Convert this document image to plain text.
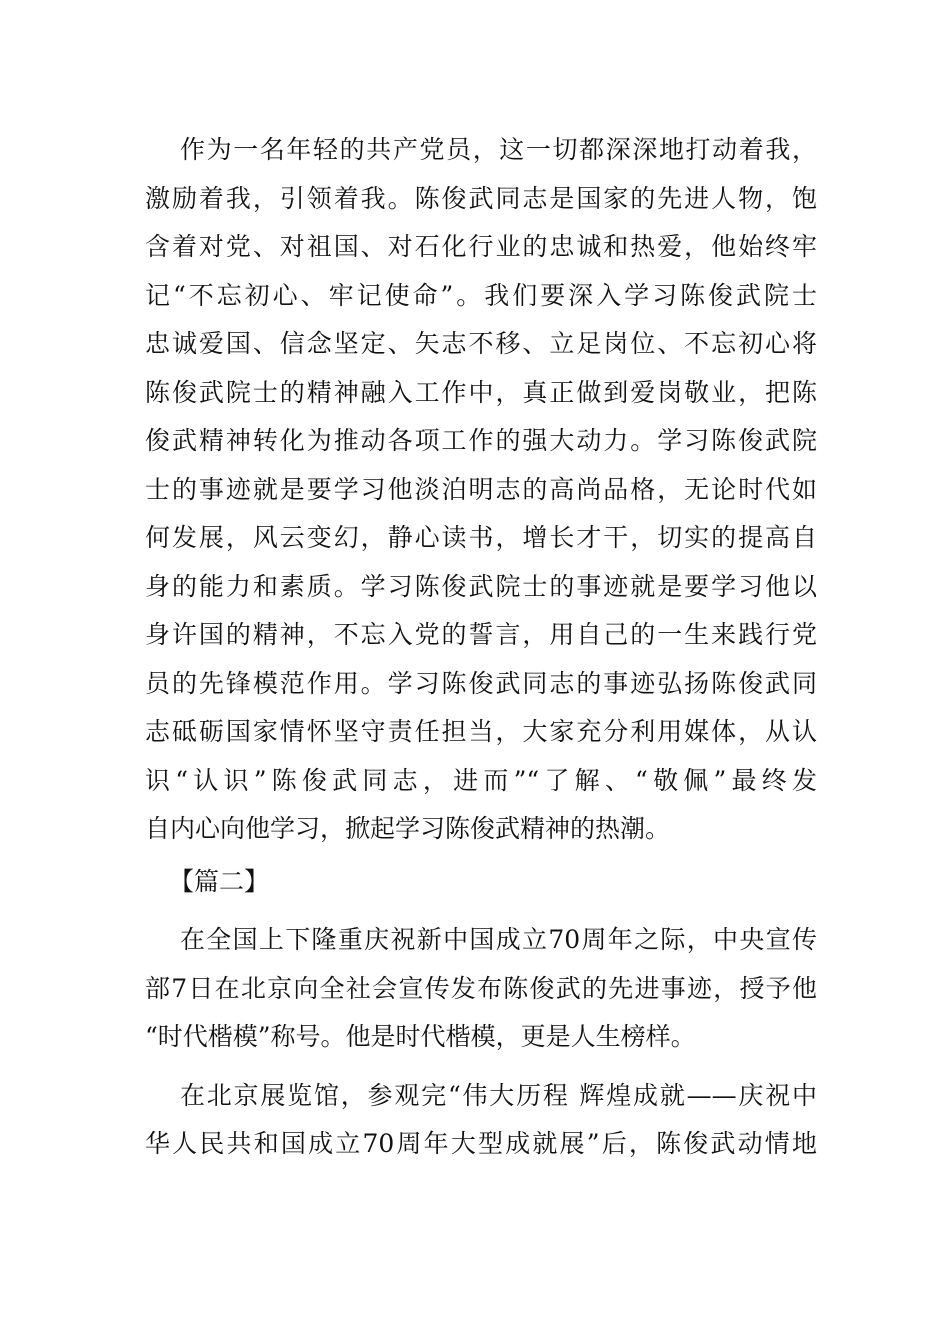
作为一名年轻的共产党员，这一切都深深地打动着我，
激励着我，引领着我。陈俊武同志是国家的先进人物，饱
含着对党、对祖国、对石化行业的忠诚和热爱，他始终牢
记“不忘初心、牢记使命”。我们要深入学习陈俊武院士
忠诚爱国、信念坚定、矢志不移、立足岗位、不忘初心将
陈俊武院士的精神融入工作中，真正做到爱岗敬业，把陈
俊武精神转化为推动各项工作的强大动力。学习陈俊武院
士的事迹就是要学习他淡泊明志的高尚品格，无论时代如
何发展，风云变幻，静心读书，增长才干，切实的提高自
身的能力和素质。学习陈俊武院士的事迹就是要学习他以
身许国的精神，不忘入党的誓言，用自己的一生来践行党
员的先锋模范作用。学习陈俊武同志的事迹弘扬陈俊武同
志砥砺国家情怀坚守责任担当，大家充分利用媒体，从认
识“认识”陈俊武同志，进而”“了解、“敬佩”最终发
自内心向他学习，掀起学习陈俊武精神的热潮。
【篇二】
在全国上下隆重庆祝新中国成立70周年之际，中央宣传
部7日在北京向全社会宣传发布陈俊武的先进事迹，授予他
“时代楷模”称号。他是时代楷模，更是人生榜样。
在北京展览馆，参观完“伟大历程 辉煌成就——庆祝中
华人民共和国成立70周年大型成就展”后，陈俊武动情地
